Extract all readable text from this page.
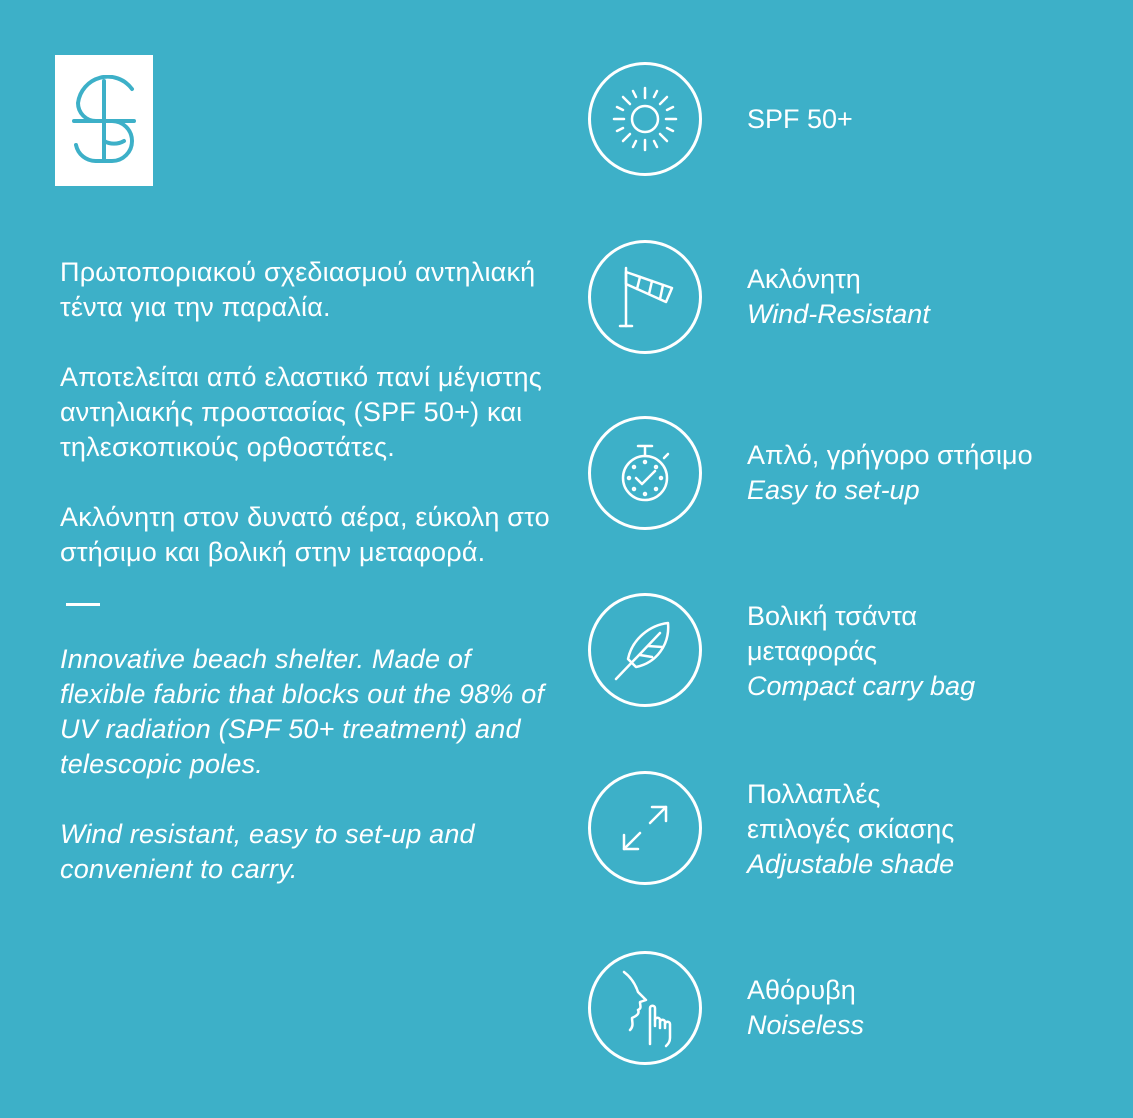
Πρωτοποριακού σχεδιασμού αντηλιακή τέντα για την παραλία.

Αποτελείται από ελαστικό πανί μέγιστης αντηλιακής προστασίας (SPF 50+) και τηλεσκοπικούς ορθοστάτες.

Ακλόνητη στον δυνατό αέρα, εύκολη στο στήσιμο και βολική στην μεταφορά.

Innovative beach shelter. Made of flexible fabric that blocks out the 98% of UV radiation (SPF 50+ treatment) and telescopic poles.

Wind resistant, easy to set-up and convenient to carry.

SPF 50+
Ακλόνητη
Wind-Resistant
Απλό, γρήγορο στήσιμο
Easy to set-up
Βολική τσάντα
μεταφοράς
Compact carry bag
Πολλαπλές
επιλογές σκίασης
Adjustable shade
Αθόρυβη
Noiseless
